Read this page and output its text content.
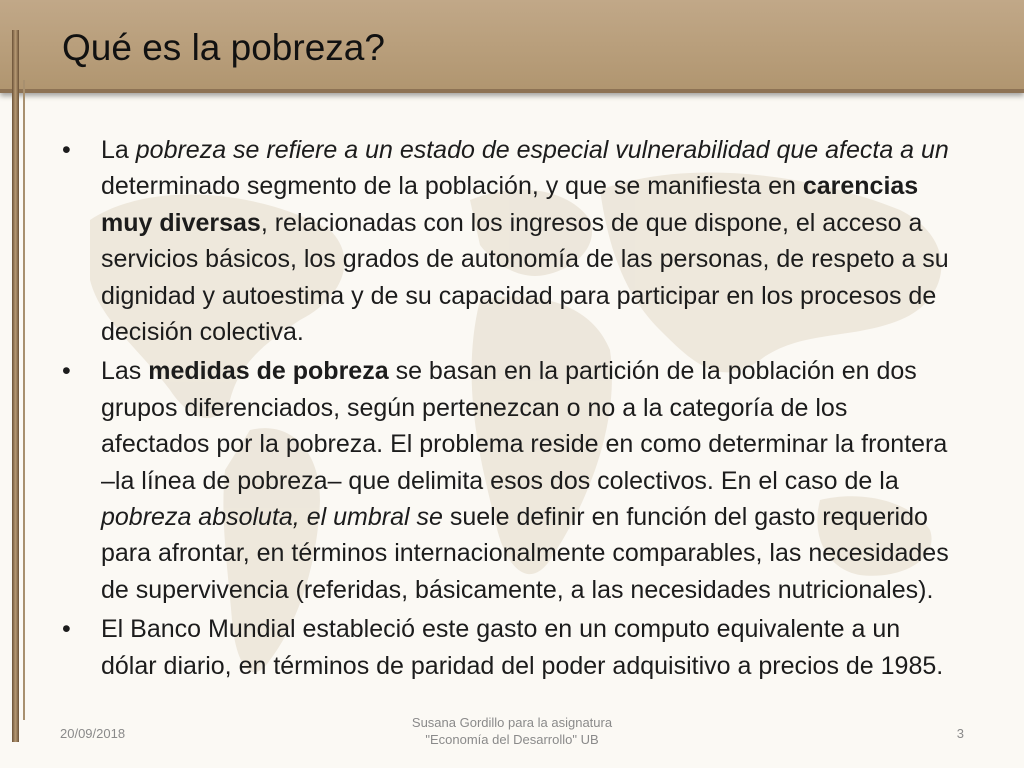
Qué es la pobreza?
• La pobreza se refiere a un estado de especial vulnerabilidad que afecta a un determinado segmento de la población, y que se manifiesta en carencias muy diversas, relacionadas con los ingresos de que dispone, el acceso a servicios básicos, los grados de autonomía de las personas, de respeto a su dignidad y autoestima y de su capacidad para participar en los procesos de decisión colectiva.
• Las medidas de pobreza se basan en la partición de la población en dos grupos diferenciados, según pertenezcan o no a la categoría de los afectados por la pobreza. El problema reside en como determinar la frontera –la línea de pobreza– que delimita esos dos colectivos. En el caso de la pobreza absoluta, el umbral se suele definir en función del gasto requerido para afrontar, en términos internacionalmente comparables, las necesidades de supervivencia (referidas, básicamente, a las necesidades nutricionales).
• El Banco Mundial estableció este gasto en un computo equivalente a un dólar diario, en términos de paridad del poder adquisitivo a precios de 1985.
20/09/2018
Susana Gordillo para la asignatura
"Economía del Desarrollo" UB	3
